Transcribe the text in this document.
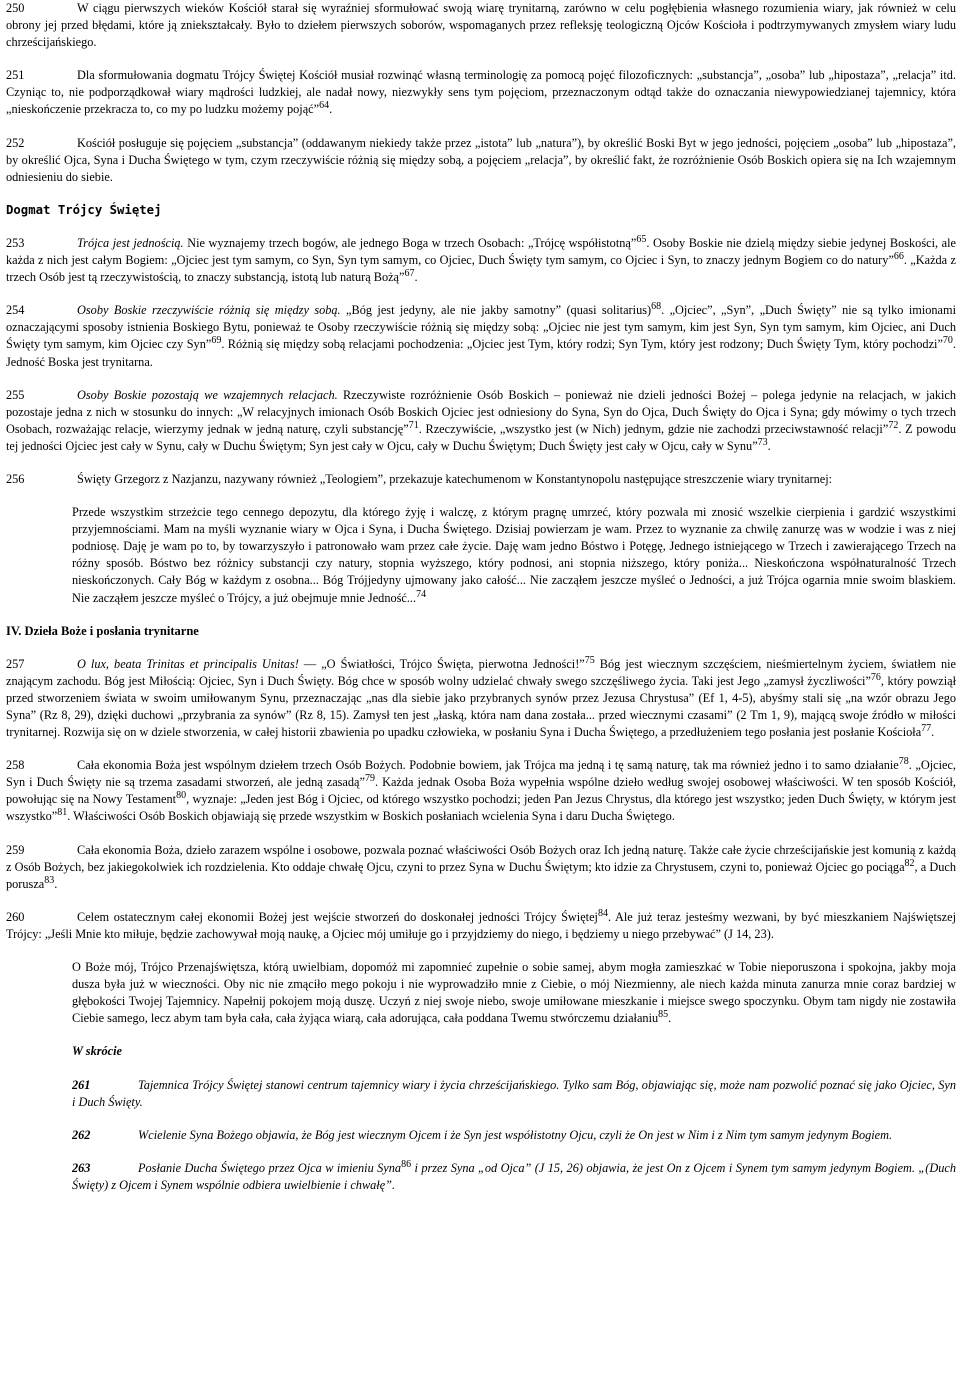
250	W ciągu pierwszych wieków Kościół starał się wyraźniej sformułować swoją wiarę trynitarną, zarówno w celu pogłębienia własnego rozumienia wiary, jak również w celu obrony jej przed błędami, które ją zniekształcały. Było to dziełem pierwszych soborów, wspomaganych przez refleksję teologiczną Ojców Kościoła i podtrzymywanych zmysłem wiary ludu chrześcijańskiego.

251	Dla sformułowania dogmatu Trójcy Świętej Kościół musiał rozwinąć własną terminologię za pomocą pojęć filozoficznych: „substancja”, „osoba” lub „hipostaza”, „relacja” itd. Czyniąc to, nie podporządkował wiary mądrości ludzkiej, ale nadał nowy, niezwykły sens tym pojęciom, przeznaczonym odtąd także do oznaczania niewypowiedzianej tajemnicy, która „nieskończenie przekracza to, co my po ludzku możemy pojąć”$^{64}$.

252	Kościół posługuje się pojęciem „substancja” (oddawanym niekiedy także przez „istota” lub „natura”), by określić Boski Byt w jego jedności, pojęciem „osoba” lub „hipostaza”, by określić Ojca, Syna i Ducha Świętego w tym, czym rzeczywiście różnią się między sobą, a pojęciem „relacja”, by określić fakt, że rozróżnienie Osób Boskich opiera się na Ich wzajemnym odniesieniu do siebie.

Dogmat Trójcy Świętej

253	Trójca jest jednością. Nie wyznajemy trzech bogów, ale jednego Boga w trzech Osobach: „Trójcę współistotną”$^{65}$. Osoby Boskie nie dzielą między siebie jedynej Boskości, ale każda z nich jest całym Bogiem: „Ojciec jest tym samym, co Syn, Syn tym samym, co Ojciec, Duch Święty tym samym, co Ojciec i Syn, to znaczy jednym Bogiem co do natury”$^{66}$. „Każda z trzech Osób jest tą rzeczywistością, to znaczy substancją, istotą lub naturą Bożą”$^{67}$.

254	Osoby Boskie rzeczywiście różnią się między sobą. „Bóg jest jedyny, ale nie jakby samotny” (quasi solitarius)$^{68}$. „Ojciec”, „Syn”, „Duch Święty” nie są tylko imionami oznaczającymi sposoby istnienia Boskiego Bytu, ponieważ te Osoby rzeczywiście różnią się między sobą: „Ojciec nie jest tym samym, kim jest Syn, Syn tym samym, kim Ojciec, ani Duch Święty tym samym, kim Ojciec czy Syn”$^{69}$. Różnią się między sobą relacjami pochodzenia: „Ojciec jest Tym, który rodzi; Syn Tym, który jest rodzony; Duch Święty Tym, który pochodzi”$^{70}$. Jedność Boska jest trynitarna.

255	Osoby Boskie pozostają we wzajemnych relacjach. Rzeczywiste rozróżnienie Osób Boskich – ponieważ nie dzieli jedności Bożej – polega jedynie na relacjach, w jakich pozostaje jedna z nich w stosunku do innych: „W relacyjnych imionach Osób Boskich Ojciec jest odniesiony do Syna, Syn do Ojca, Duch Święty do Ojca i Syna; gdy mówimy o tych trzech Osobach, rozważając relacje, wierzymy jednak w jedną naturę, czyli substancję”$^{71}$. Rzeczywiście, „wszystko jest (w Nich) jednym, gdzie nie zachodzi przeciwstawność relacji”$^{72}$. Z powodu tej jedności Ojciec jest cały w Synu, cały w Duchu Świętym; Syn jest cały w Ojcu, cały w Duchu Świętym; Duch Święty jest cały w Ojcu, cały w Synu”$^{73}$.

256	Święty Grzegorz z Nazjanzu, nazywany również „Teologiem”, przekazuje katechumenom w Konstantynopolu następujące streszczenie wiary trynitarnej:

Przede wszystkim strzeżcie tego cennego depozytu, dla którego żyję i walczę, z którym pragnę umrzeć, który pozwala mi znosić wszelkie cierpienia i gardzić wszystkimi przyjemnościami. Mam na myśli wyznanie wiary w Ojca i Syna, i Ducha Świętego. Dzisiaj powierzam je wam. Przez to wyznanie za chwilę zanurzę was w wodzie i was z niej podniosę. Daję je wam po to, by towarzyszyło i patronowało wam przez całe życie. Daję wam jedno Bóstwo i Potęgę, Jednego istniejącego w Trzech i zawierającego Trzech na różny sposób. Bóstwo bez różnicy substancji czy natury, stopnia wyższego, który podnosi, ani stopnia niższego, który poniża... Nieskończona współnaturalność Trzech nieskończonych. Cały Bóg w każdym z osobna... Bóg Trójjedyny ujmowany jako całość... Nie zacząłem jeszcze myśleć o Jedności, a już Trójca ogarnia mnie swoim blaskiem. Nie zacząłem jeszcze myśleć o Trójcy, a już obejmuje mnie Jedność...$^{74}$

IV. Dzieła Boże i posłania trynitarne

257	O lux, beata Trinitas et principalis Unitas! — „O Światłości, Trójco Święta, pierwotna Jedności!”$^{75}$ Bóg jest wiecznym szczęściem, nieśmiertelnym życiem, światłem nie znającym zachodu. Bóg jest Miłością: Ojciec, Syn i Duch Święty. Bóg chce w sposób wolny udzielać chwały swego szczęśliwego życia. Taki jest Jego „zamysł życzliwości”$^{76}$, który powziął przed stworzeniem świata w swoim umiłowanym Synu, przeznaczając „nas dla siebie jako przybranych synów przez Jezusa Chrystusa” (Ef 1, 4-5), abyśmy stali się „na wzór obrazu Jego Syna” (Rz 8, 29), dzięki duchowi „przybrania za synów” (Rz 8, 15). Zamysł ten jest „łaską, która nam dana została... przed wiecznymi czasami” (2 Tm 1, 9), mającą swoje źródło w miłości trynitarnej. Rozwija się on w dziele stworzenia, w całej historii zbawienia po upadku człowieka, w posłaniu Syna i Ducha Świętego, a przedłużeniem tego posłania jest posłanie Kościoła$^{77}$.

258	Cała ekonomia Boża jest wspólnym dziełem trzech Osób Bożych. Podobnie bowiem, jak Trójca ma jedną i tę samą naturę, tak ma również jedno i to samo działanie$^{78}$. „Ojciec, Syn i Duch Święty nie są trzema zasadami stworzeń, ale jedną zasadą”$^{79}$. Każda jednak Osoba Boża wypełnia wspólne dzieło według swojej osobowej właściwości. W ten sposób Kościół, powołując się na Nowy Testament$^{80}$, wyznaje: „Jeden jest Bóg i Ojciec, od którego wszystko pochodzi; jeden Pan Jezus Chrystus, dla którego jest wszystko; jeden Duch Święty, w którym jest wszystko”$^{81}$. Właściwości Osób Boskich objawiają się przede wszystkim w Boskich posłaniach wcielenia Syna i daru Ducha Świętego.

259	Cała ekonomia Boża, dzieło zarazem wspólne i osobowe, pozwala poznać właściwości Osób Bożych oraz Ich jedną naturę. Także całe życie chrześcijańskie jest komunią z każdą z Osób Bożych, bez jakiegokolwiek ich rozdzielenia. Kto oddaje chwałę Ojcu, czyni to przez Syna w Duchu Świętym; kto idzie za Chrystusem, czyni to, ponieważ Ojciec go pociąga$^{82}$, a Duch porusza$^{83}$.

260	Celem ostatecznym całej ekonomii Bożej jest wejście stworzeń do doskonałej jedności Trójcy Świętej$^{84}$. Ale już teraz jesteśmy wezwani, by być mieszkaniem Najświętszej Trójcy: „Jeśli Mnie kto miłuje, będzie zachowywał moją naukę, a Ojciec mój umiłuje go i przyjdziemy do niego, i będziemy u niego przebywać” (J 14, 23).

O Boże mój, Trójco Przenajświętsza, którą uwielbiam, dopomóż mi zapomnieć zupełnie o sobie samej, abym mogła zamieszkać w Tobie nieporuszona i spokojna, jakby moja dusza była już w wieczności. Oby nic nie zmąciło mego pokoju i nie wyprowadziło mnie z Ciebie, o mój Niezmienny, ale niech każda minuta zanurza mnie coraz bardziej w głębokości Twojej Tajemnicy. Napełnij pokojem moją duszę. Uczyń z niej swoje niebo, swoje umiłowane mieszkanie i miejsce swego spoczynku. Obym tam nigdy nie zostawiła Ciebie samego, lecz abym tam była cała, cała żyjąca wiarą, cała adorująca, cała poddana Twemu stwórczemu działaniu$^{85}$.

W skrócie

261	Tajemnica Trójcy Świętej stanowi centrum tajemnicy wiary i życia chrześcijańskiego. Tylko sam Bóg, objawiając się, może nam pozwolić poznać się jako Ojciec, Syn i Duch Święty.

262	Wcielenie Syna Bożego objawia, że Bóg jest wiecznym Ojcem i że Syn jest współistotny Ojcu, czyli że On jest w Nim i z Nim tym samym jedynym Bogiem.

263	Posłanie Ducha Świętego przez Ojca w imieniu Syna$^{86}$ i przez Syna „od Ojca” (J 15, 26) objawia, że jest On z Ojcem i Synem tym samym jedynym Bogiem. „(Duch Święty) z Ojcem i Synem wspólnie odbiera uwielbienie i chwałę”.
